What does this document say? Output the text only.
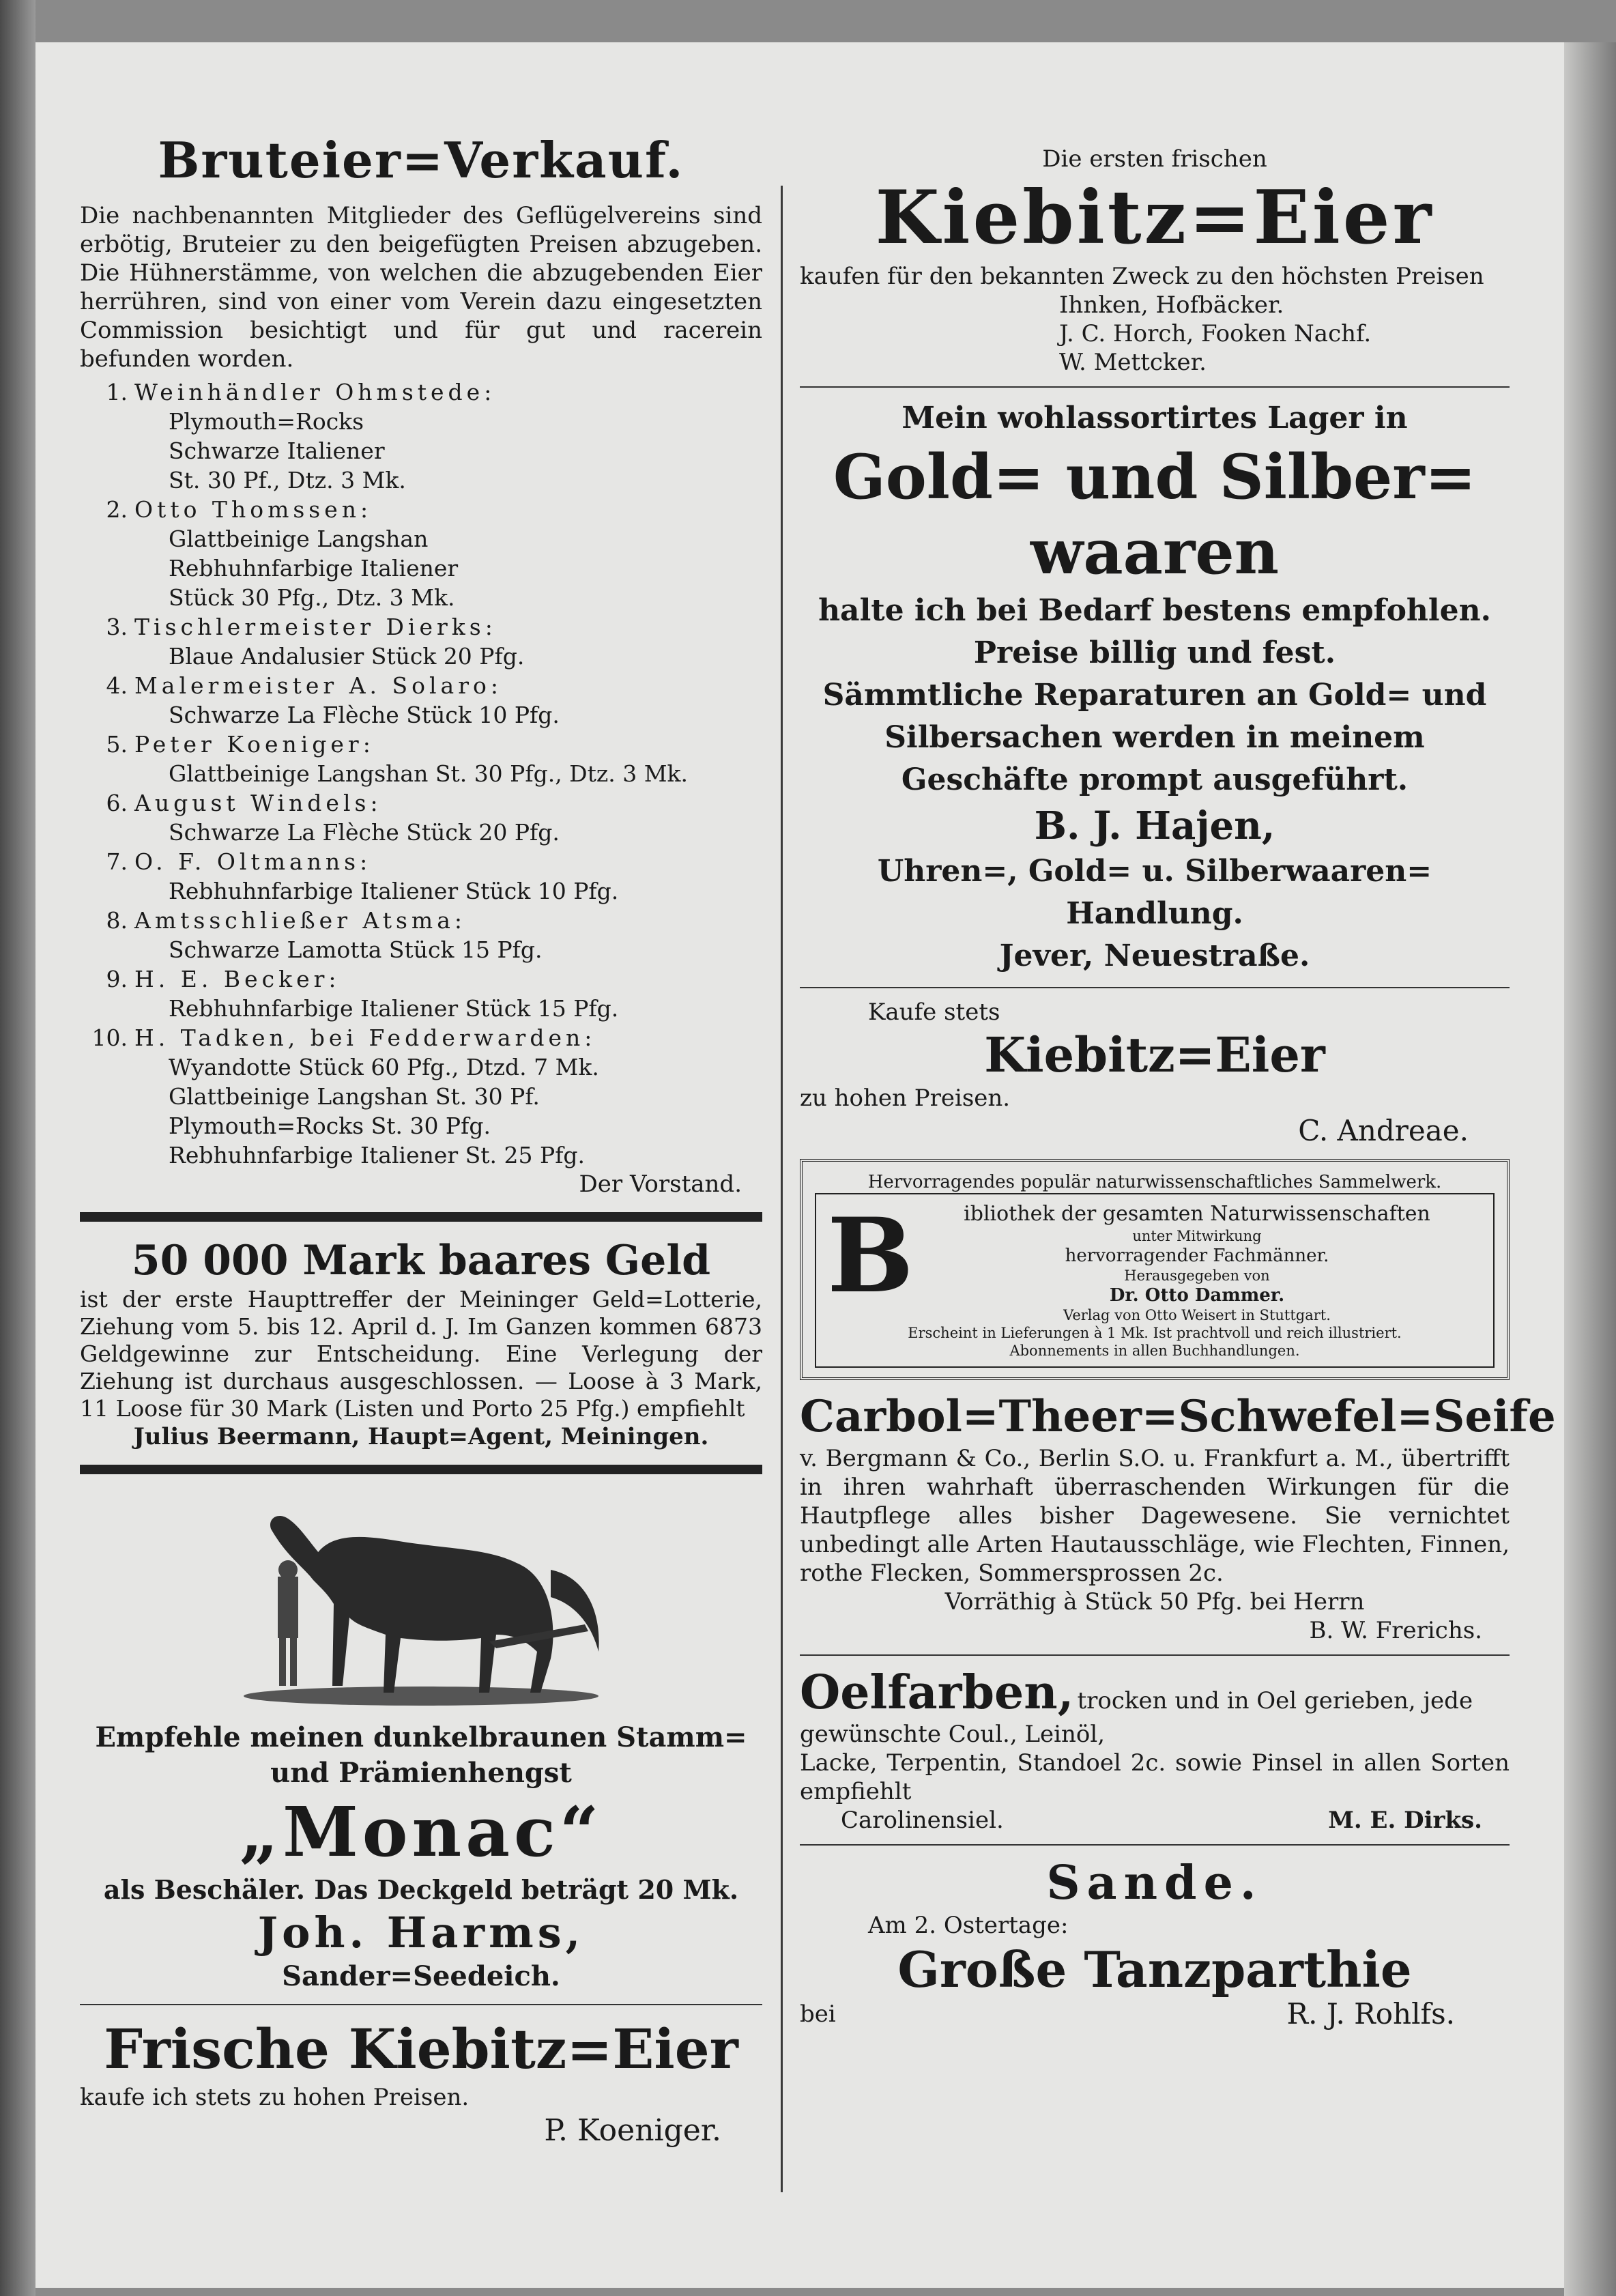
Bruteier=Verkauf.
Die nachbenannten Mitglieder des Geflügelvereins sind erbötig, Bruteier zu den beigefügten Preisen abzugeben. Die Hühnerstämme, von welchen die abzugebenden Eier herrühren, sind von einer vom Verein dazu eingesetzten Commission besichtigt und für gut und racerein befunden worden.
1. Weinhändler Ohmstede:
Plymouth=Rocks
Schwarze Italiener
St. 30 Pf., Dtz. 3 Mk.
2. Otto Thomssen:
Glattbeinige Langshan
Rebhuhnfarbige Italiener
Stück 30 Pfg., Dtz. 3 Mk.
3. Tischlermeister Dierks:
Blaue Andalusier Stück 20 Pfg.
4. Malermeister A. Solaro:
Schwarze La Flèche Stück 10 Pfg.
5. Peter Koeniger:
Glattbeinige Langshan St. 30 Pfg., Dtz. 3 Mk.
6. August Windels:
Schwarze La Flèche Stück 20 Pfg.
7. O. F. Oltmanns:
Rebhuhnfarbige Italiener Stück 10 Pfg.
8. Amtsschließer Atsma:
Schwarze Lamotta Stück 15 Pfg.
9. H. E. Becker:
Rebhuhnfarbige Italiener Stück 15 Pfg.
10. H. Tadken, bei Fedderwarden:
Wyandotte Stück 60 Pfg., Dtzd. 7 Mk.
Glattbeinige Langshan St. 30 Pf.
Plymouth=Rocks St. 30 Pfg.
Rebhuhnfarbige Italiener St. 25 Pfg.
Der Vorstand.
50 000 Mark baares Geld
ist der erste Haupttreffer der Meininger Geld=Lotterie, Ziehung vom 5. bis 12. April d. J. Im Ganzen kommen 6873 Geldgewinne zur Entscheidung. Eine Verlegung der Ziehung ist durchaus ausgeschlossen. — Loose à 3 Mark, 11 Loose für 30 Mark (Listen und Porto 25 Pfg.) empfiehlt
Julius Beermann, Haupt=Agent, Meiningen.
Empfehle meinen dunkelbraunen Stamm= und Prämienhengst
„Monac“
als Beschäler. Das Deckgeld beträgt 20 Mk.
Joh. Harms,
Sander=Seedeich.
Frische Kiebitz=Eier
kaufe ich stets zu hohen Preisen.
P. Koeniger.
Die ersten frischen
Kiebitz=Eier
kaufen für den bekannten Zweck zu den höchsten Preisen
Ihnken, Hofbäcker.
J. C. Horch, Fooken Nachf.
W. Mettcker.
Mein wohlassortirtes Lager in
Gold= und Silber=
waaren
halte ich bei Bedarf bestens empfohlen.
Preise billig und fest.
Sämmtliche Reparaturen an Gold= und Silbersachen werden in meinem Geschäfte prompt ausgeführt.
B. J. Hajen,
Uhren=, Gold= u. Silberwaaren=
Handlung.
Jever, Neuestraße.
Kaufe stets
Kiebitz=Eier
zu hohen Preisen.
C. Andreae.
Hervorragendes populär naturwissenschaftliches Sammelwerk.
B	ibliothek der gesamten Naturwissenschaften
unter Mitwirkung
hervorragender Fachmänner.
Herausgegeben von
Dr. Otto Dammer.
Verlag von Otto Weisert in Stuttgart.
Erscheint in Lieferungen à 1 Mk. Ist prachtvoll und reich illustriert.
Abonnements in allen Buchhandlungen.
Carbol=Theer=Schwefel=Seife
v. Bergmann & Co., Berlin S.O. u. Frankfurt a. M., übertrifft in ihren wahrhaft überraschenden Wirkungen für die Hautpflege alles bisher Dagewesene. Sie vernichtet unbedingt alle Arten Hautausschläge, wie Flechten, Finnen, rothe Flecken, Sommersprossen 2c.
Vorräthig à Stück 50 Pfg. bei Herrn
B. W. Frerichs.
Oelfarben, trocken und in Oel gerieben, jede gewünschte Coul., Leinöl,
Lacke, Terpentin, Standoel 2c. sowie Pinsel in allen Sorten empfiehlt
Carolinensiel.	M. E. Dirks.
Sande.
Am 2. Ostertage:
Große Tanzparthie
bei	R. J. Rohlfs.
